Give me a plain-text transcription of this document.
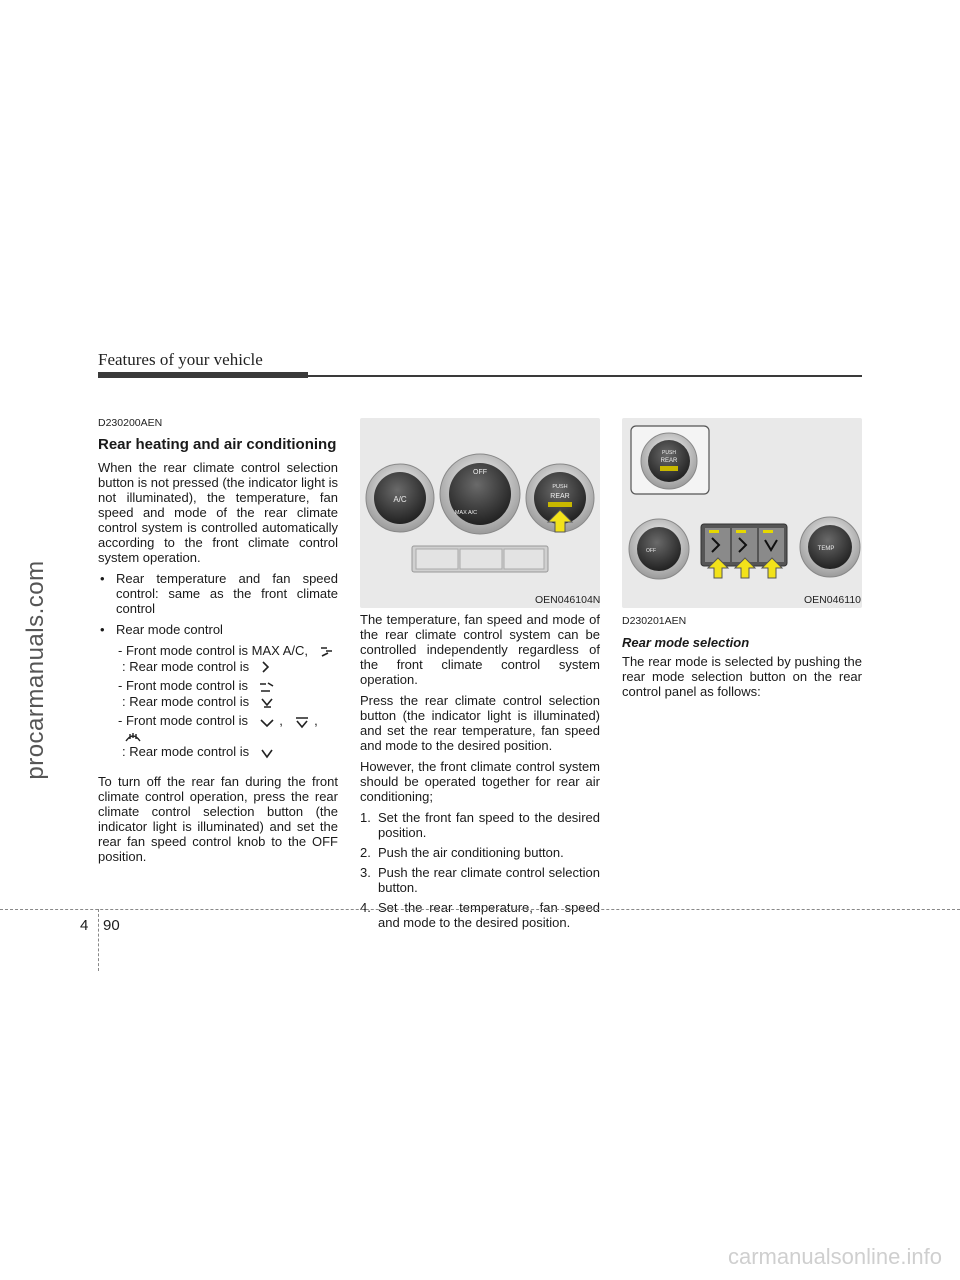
Features of your vehicle
procarmanuals.com
carmanualsonline.info
D230200AEN
Rear heating and air conditioning

When the rear climate control selection button is not pressed (the indicator light is not illuminated), the temperature, fan speed and mode of the rear climate control system is controlled automatically according to the front climate control system operation.

• Rear temperature and fan speed control: same as the front climate control
• Rear mode control
- Front mode control is MAX A/C,
: Rear mode control is
- Front mode control is
: Rear mode control is
- Front mode control is , ,
: Rear mode control is

To turn off the rear fan during the front climate control operation, press the rear climate control selection button (the indicator light is illuminated) and set the rear fan speed control knob to the OFF position.

A/C
OFF
MAX A/C
PUSH
REAR
OEN046104N

The temperature, fan speed and mode of the rear climate control system can be controlled independently regardless of the front climate control system operation.

Press the rear climate control selection button (the indicator light is illuminated) and set the rear temperature, fan speed and mode to the desired position.

However, the front climate control system should be operated together for rear air conditioning;

1. Set the front fan speed to the desired position.
2. Push the air conditioning button.
3. Push the rear climate control selection button.
4. Set the rear temperature, fan speed and mode to the desired position.
PUSH
REAR
OFF	TEMP
OEN046110
D230201AEN
Rear mode selection

The rear mode is selected by pushing the rear mode selection button on the rear control panel as follows:

4 90
